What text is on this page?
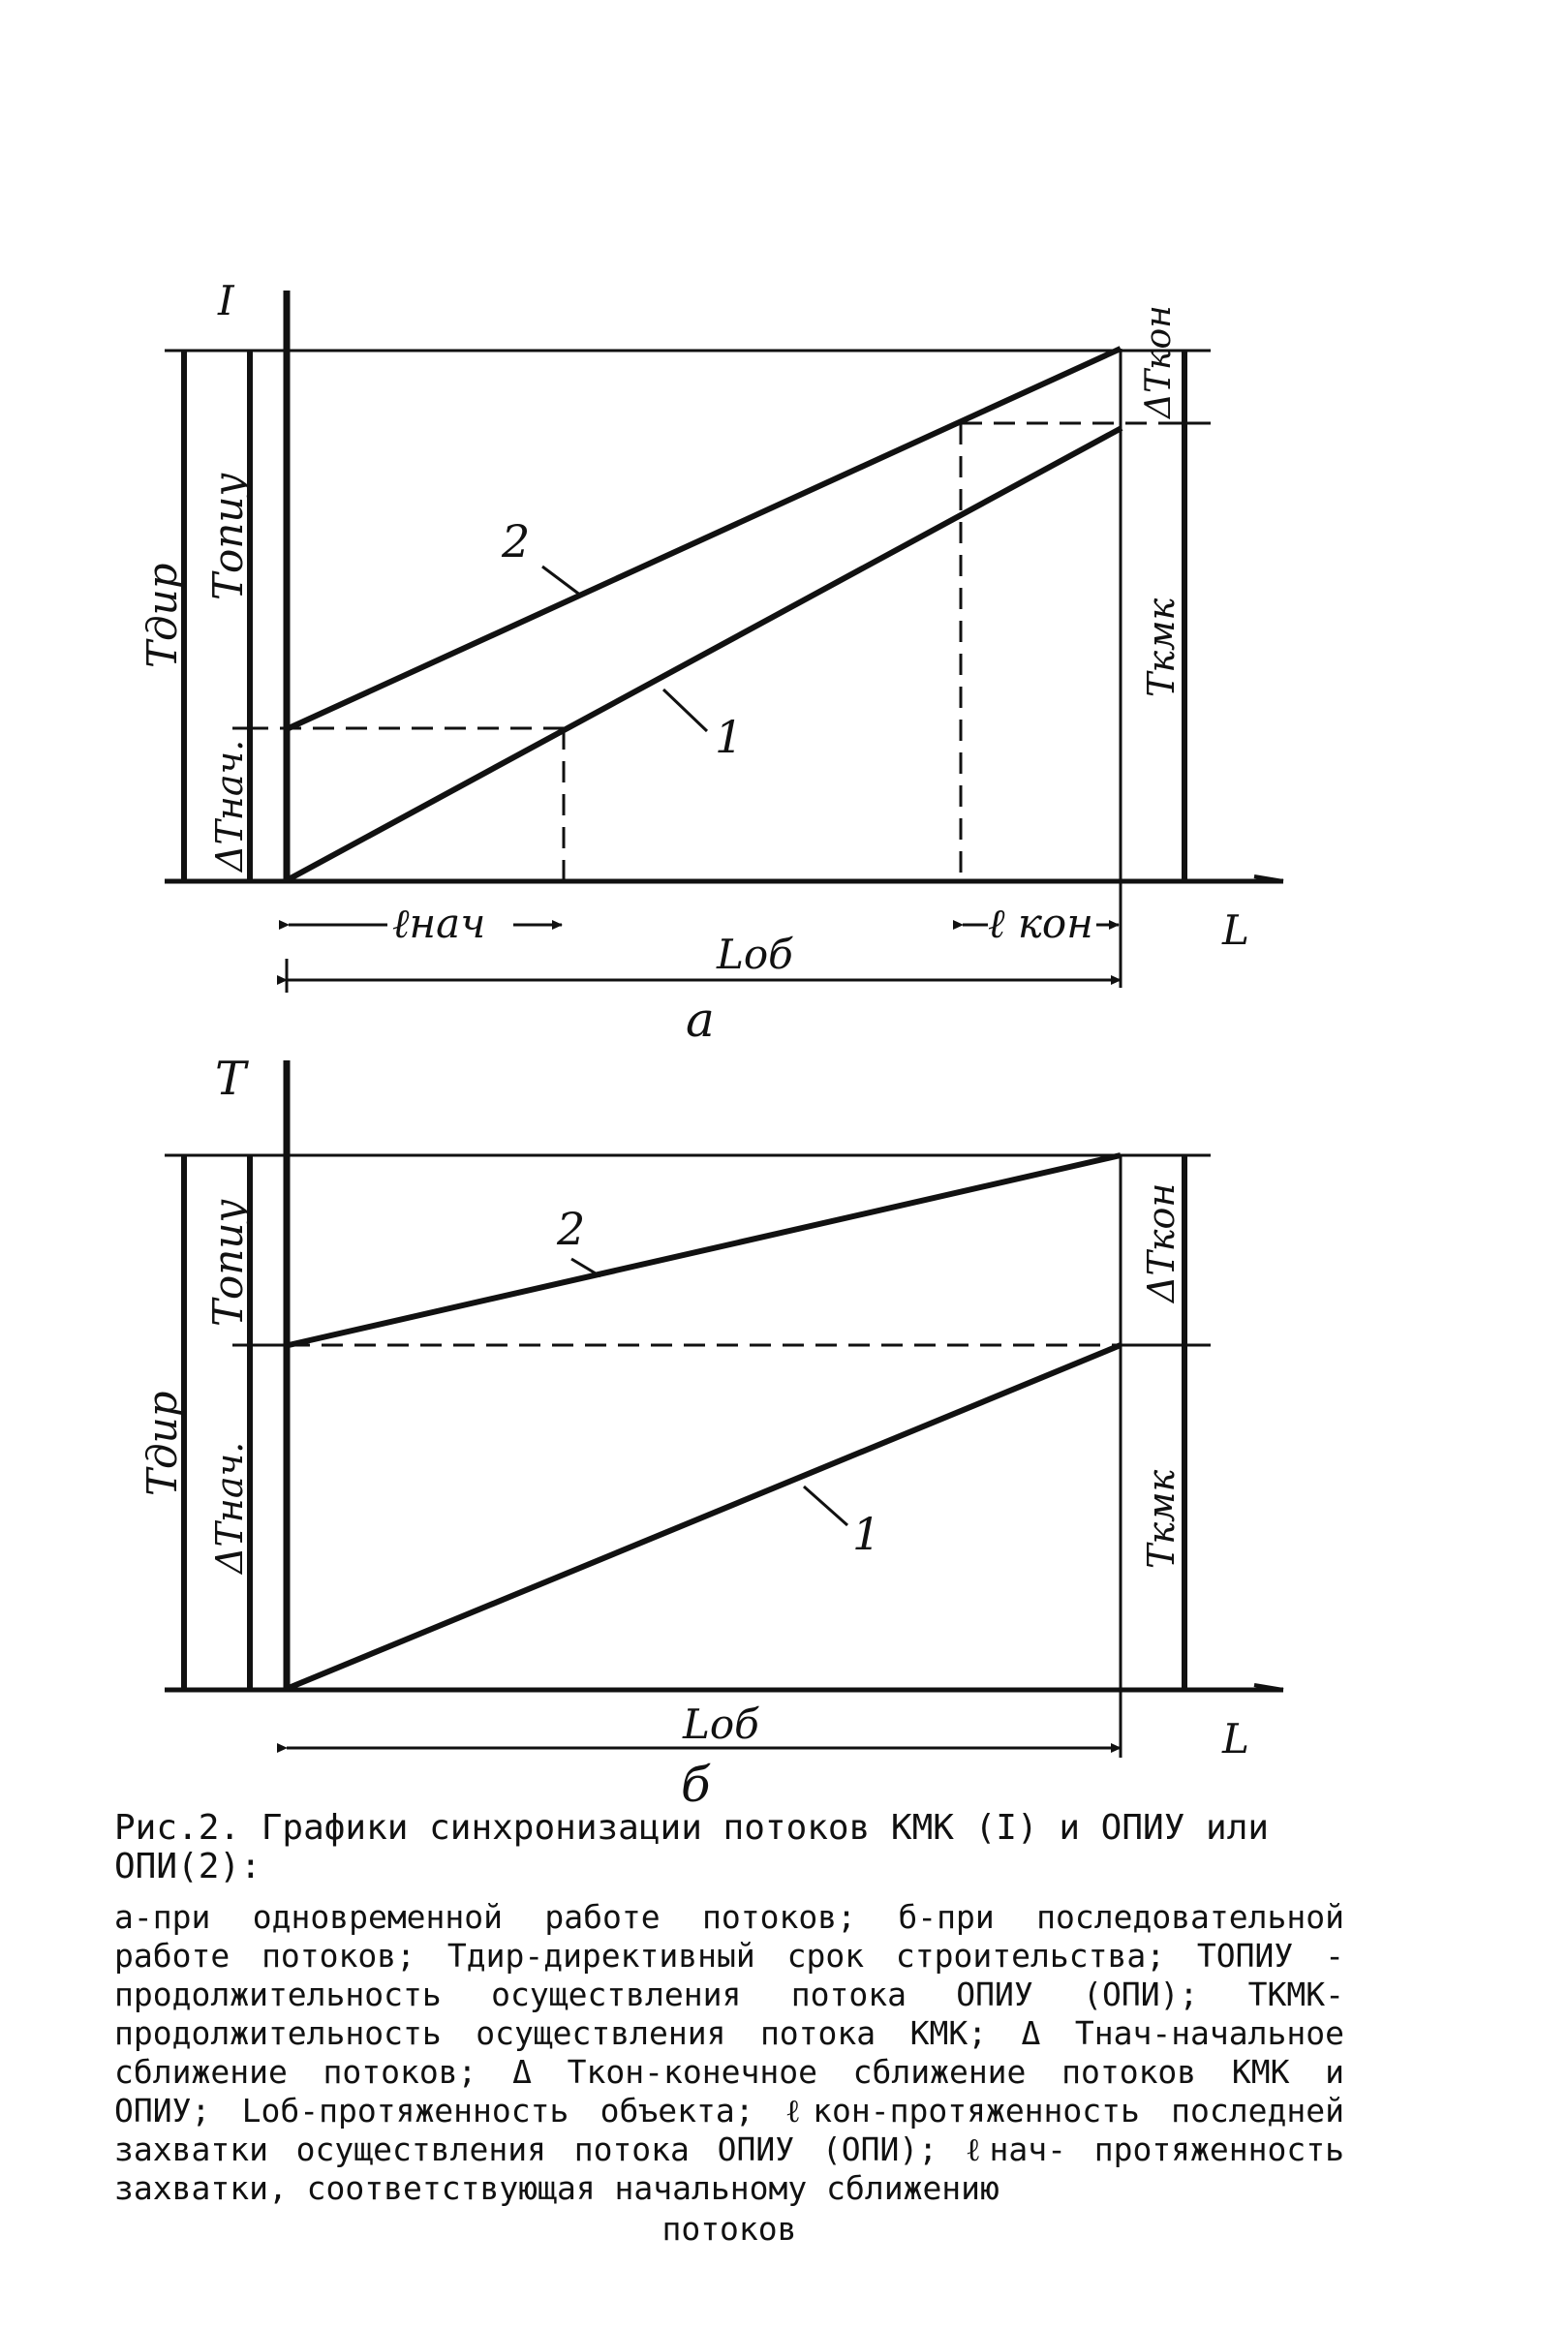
I
L
2
1
Tдир
Tопиу
ΔTнач.
ΔTкон
Tкмк
ℓнач	ℓ кон
Lоб
a
T
L
2
1
Tдир
Tопиу
ΔTнач.
ΔTкон
Tкмк
Lоб
б
Рис.2. Графики синхронизации потоков КМК (I) и ОПИУ или ОПИ(2):
а-при одновременной работе потоков; б-при последовательной работе потоков; Tдир-директивный срок строительства; TОПИУ - продолжительность осуществления потока ОПИУ (ОПИ); TКМК- продолжительность осуществления потока КМК; Δ Tнач-начальное сближение потоков; Δ Tкон-конечное сближение потоков КМК и ОПИУ; Lоб-протяженность объекта; ℓкон-протяженность последней захватки осуществления потока ОПИУ (ОПИ); ℓнач- протяженность захватки, соответствующая начальному сближению
потоков
